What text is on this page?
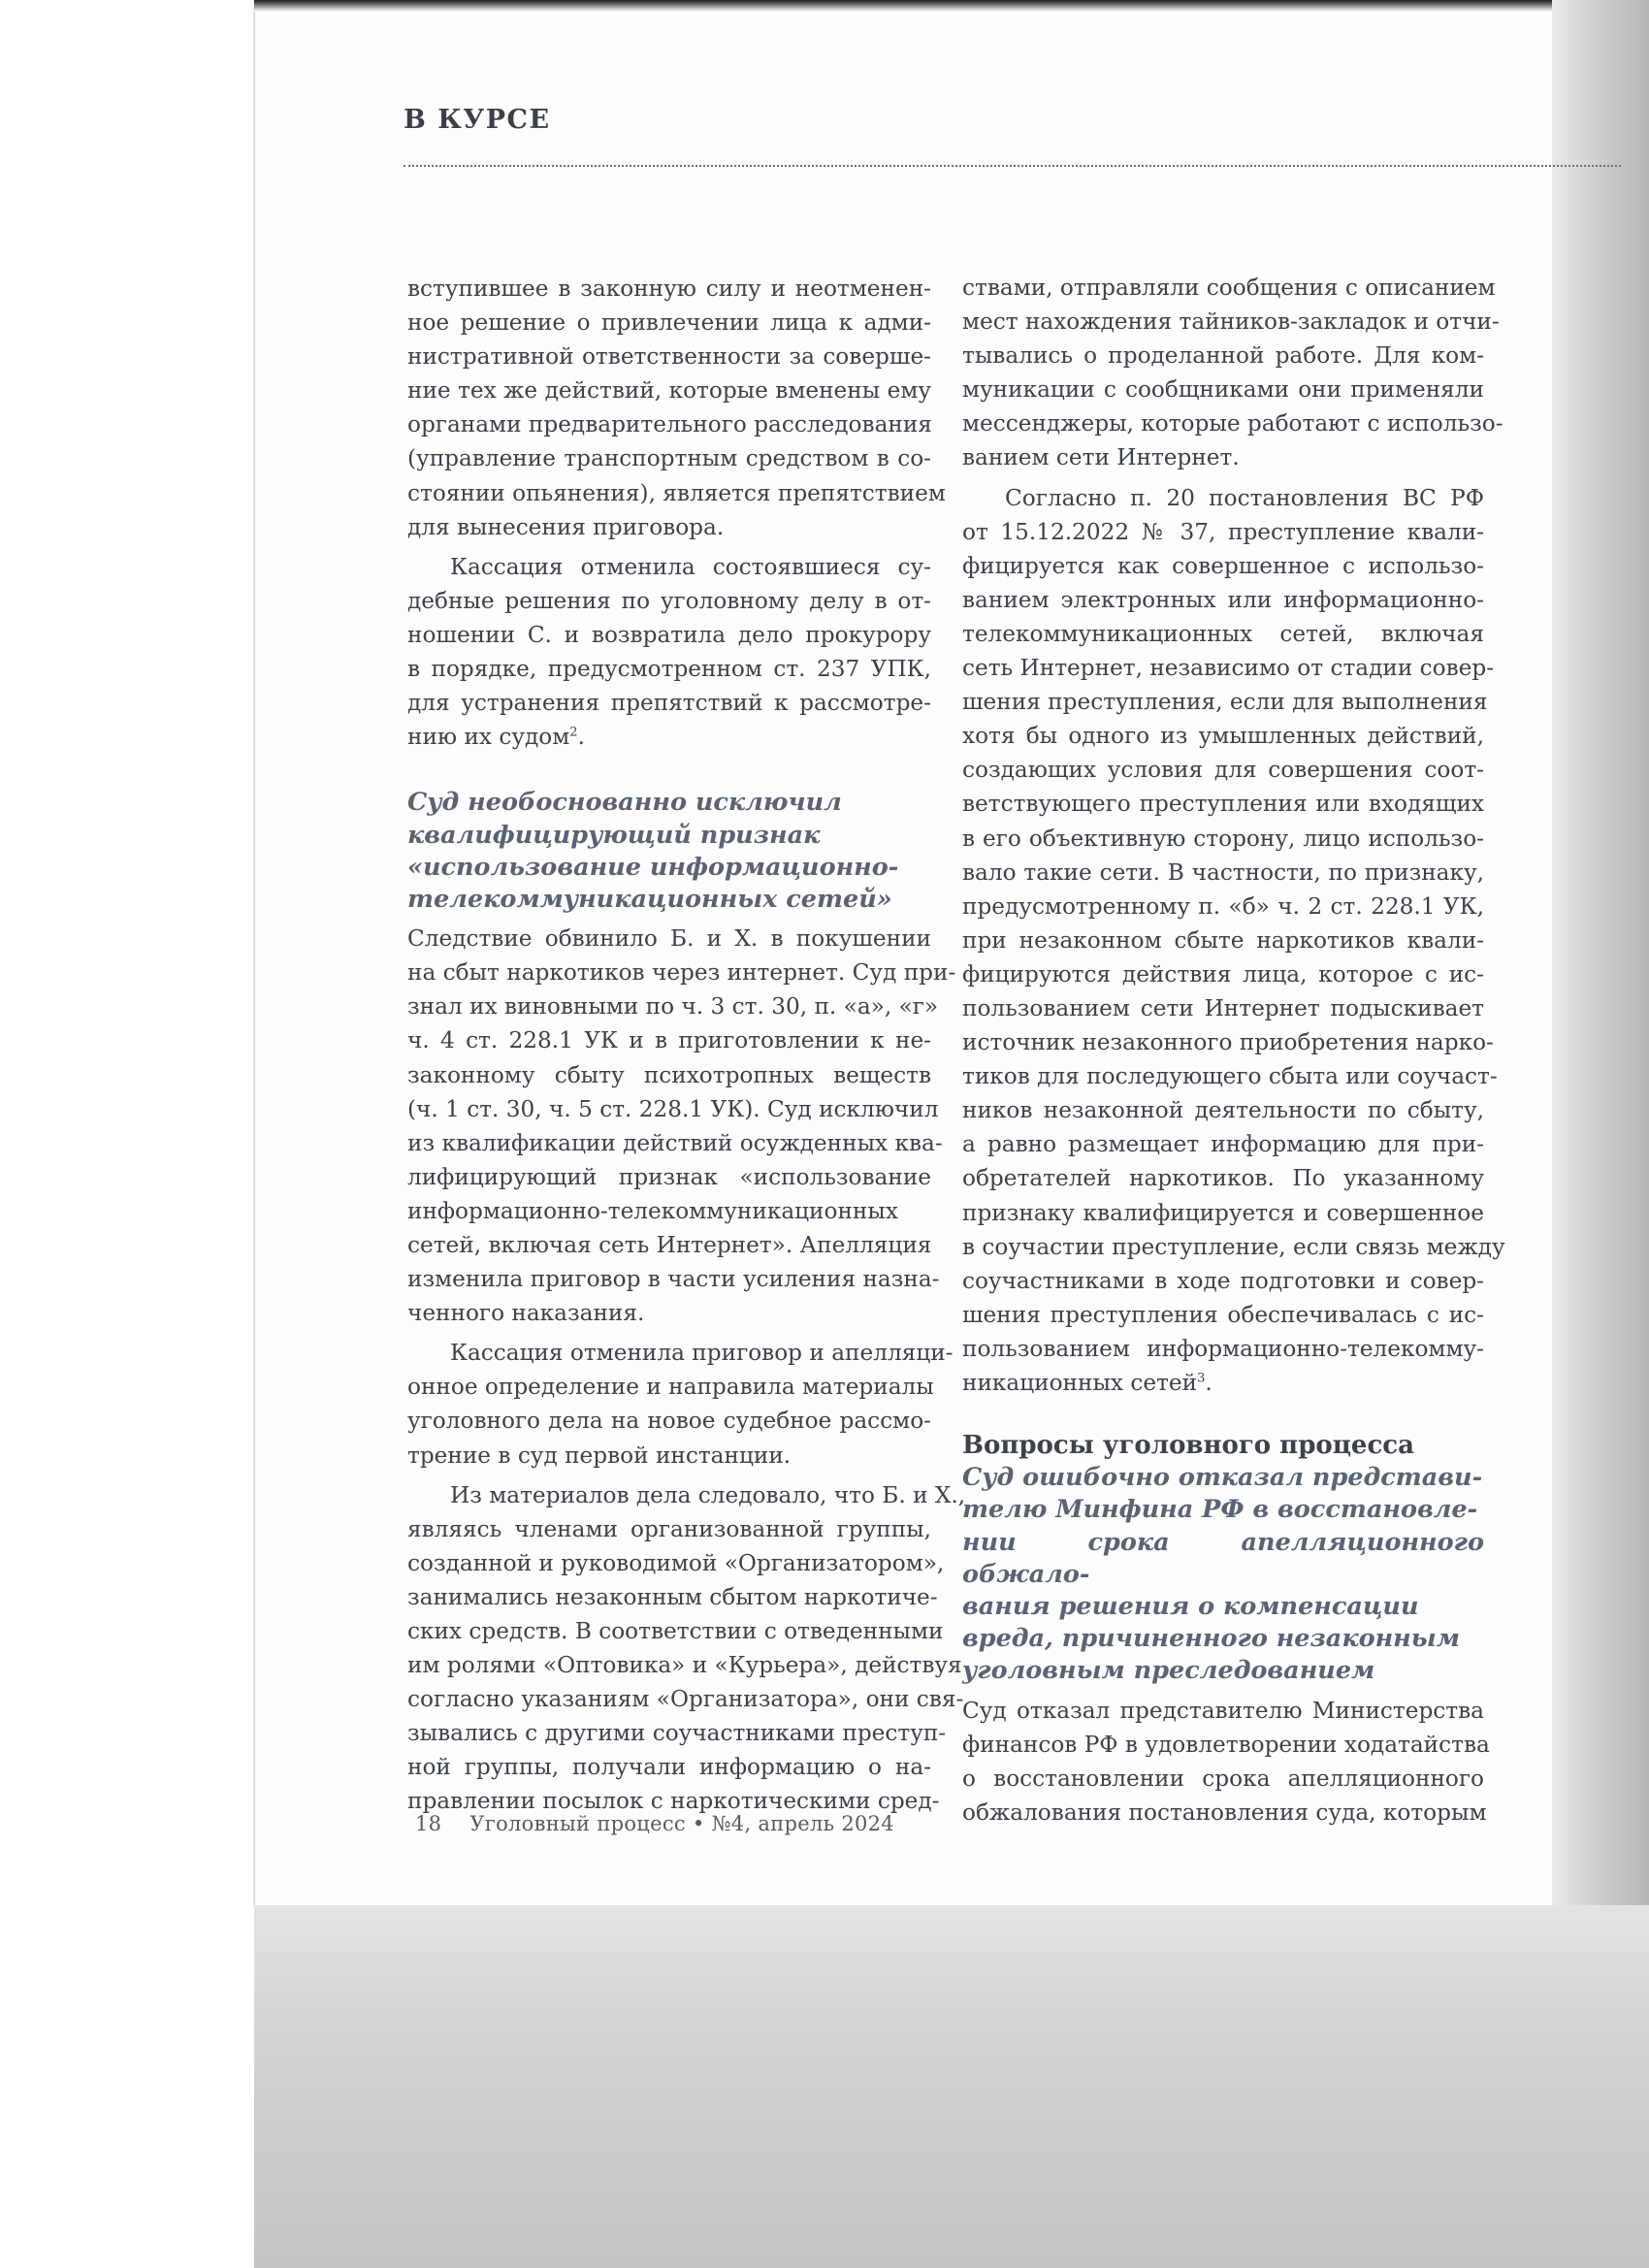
В КУРСЕ
вступившее в законную силу и неотменен-
ное решение о привлечении лица к адми-
нистративной ответственности за соверше-
ние тех же действий, которые вменены ему
органами предварительного расследования
(управление транспортным средством в со-
стоянии опьянения), является препятствием
для вынесения приговора.
Кассация отменила состоявшиеся су-
дебные решения по уголовному делу в от-
ношении С. и возвратила дело прокурору
в порядке, предусмотренном ст. 237 УПК,
для устранения препятствий к рассмотре-
нию их судом$^2$.

Суд необоснованно исключил

квалифицирующий признак

«использование информационно-

телекоммуникационных сетей»

Следствие обвинило Б. и Х. в покушении
на сбыт наркотиков через интернет. Суд при-
знал их виновными по ч. 3 ст. 30, п. «а», «г»
ч. 4 ст. 228.1 УК и в приготовлении к не-
законному сбыту психотропных веществ
(ч. 1 ст. 30, ч. 5 ст. 228.1 УК). Суд исключил
из квалификации действий осужденных ква-
лифицирующий признак «использование
информационно-телекоммуникационных
сетей, включая сеть Интернет». Апелляция
изменила приговор в части усиления назна-
ченного наказания.
Кассация отменила приговор и апелляци-
онное определение и направила материалы
уголовного дела на новое судебное рассмо-
трение в суд первой инстанции.
Из материалов дела следовало, что Б. и Х.,
являясь членами организованной группы,
созданной и руководимой «Организатором»,
занимались незаконным сбытом наркотиче-
ских средств. В соответствии с отведенными
им ролями «Оптовика» и «Курьера», действуя
согласно указаниям «Организатора», они свя-
зывались с другими соучастниками преступ-
ной группы, получали информацию о на-
правлении посылок с наркотическими сред-
ствами, отправляли сообщения с описанием
мест нахождения тайников-закладок и отчи-
тывались о проделанной работе. Для ком-
муникации с сообщниками они применяли
мессенджеры, которые работают с использо-
ванием сети Интернет.
Согласно п. 20 постановления ВС РФ
от 15.12.2022 № 37, преступление квали-
фицируется как совершенное с использо-
ванием электронных или информационно-
телекоммуникационных сетей, включая
сеть Интернет, независимо от стадии совер-
шения преступления, если для выполнения
хотя бы одного из умышленных действий,
создающих условия для совершения соот-
ветствующего преступления или входящих
в его объективную сторону, лицо использо-
вало такие сети. В частности, по признаку,
предусмотренному п. «б» ч. 2 ст. 228.1 УК,
при незаконном сбыте наркотиков квали-
фицируются действия лица, которое с ис-
пользованием сети Интернет подыскивает
источник незаконного приобретения нарко-
тиков для последующего сбыта или соучаст-
ников незаконной деятельности по сбыту,
а равно размещает информацию для при-
обретателей наркотиков. По указанному
признаку квалифицируется и совершенное
в соучастии преступление, если связь между
соучастниками в ходе подготовки и совер-
шения преступления обеспечивалась с ис-
пользованием информационно-телекомму-
никационных сетей$^3$.

Вопросы уголовного процесса

Суд ошибочно отказал представи-

телю Минфина РФ в восстановле-

нии срока апелляционного обжало-

вания решения о компенсации

вреда, причиненного незаконным

уголовным преследованием

Суд отказал представителю Министерства
финансов РФ в удовлетворении ходатайства
о восстановлении срока апелляционного
обжалования постановления суда, которым
18 Уголовный процесс • №4, апрель 2024
